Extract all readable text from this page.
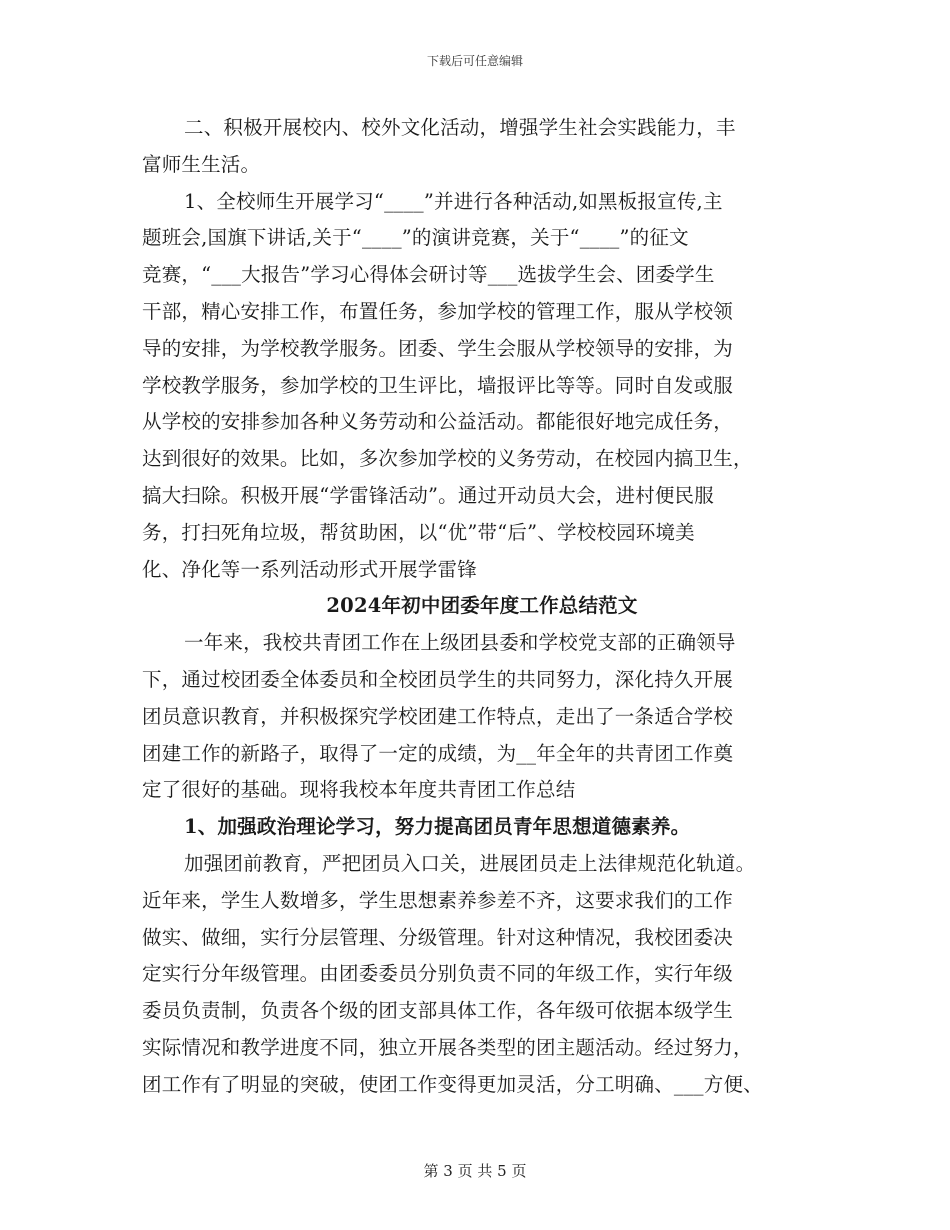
下载后可任意编辑
二、积极开展校内、校外文化活动，增强学生社会实践能力，丰
富师生生活。
1、全校师生开展学习“____”并进行各种活动,如黑板报宣传,主
题班会,国旗下讲话,关于“____”的演讲竞赛，关于“____”的征文
竞赛，“___大报告”学习心得体会研讨等___选拔学生会、团委学生
干部，精心安排工作，布置任务，参加学校的管理工作，服从学校领
导的安排，为学校教学服务。团委、学生会服从学校领导的安排，为
学校教学服务，参加学校的卫生评比，墙报评比等等。同时自发或服
从学校的安排参加各种义务劳动和公益活动。都能很好地完成任务，
达到很好的效果。比如，多次参加学校的义务劳动，在校园内搞卫生，
搞大扫除。积极开展“学雷锋活动”。通过开动员大会，进村便民服
务，打扫死角垃圾，帮贫助困，以“优”带“后”、学校校园环境美
化、净化等一系列活动形式开展学雷锋
2024年初中团委年度工作总结范文
一年来，我校共青团工作在上级团县委和学校党支部的正确领导
下，通过校团委全体委员和全校团员学生的共同努力，深化持久开展
团员意识教育，并积极探究学校团建工作特点，走出了一条适合学校
团建工作的新路子，取得了一定的成绩，为__年全年的共青团工作奠
定了很好的基础。现将我校本年度共青团工作总结
1、加强政治理论学习，努力提高团员青年思想道德素养。
加强团前教育，严把团员入口关，进展团员走上法律规范化轨道。
近年来，学生人数增多，学生思想素养参差不齐，这要求我们的工作
做实、做细，实行分层管理、分级管理。针对这种情况，我校团委决
定实行分年级管理。由团委委员分别负责不同的年级工作，实行年级
委员负责制，负责各个级的团支部具体工作，各年级可依据本级学生
实际情况和教学进度不同，独立开展各类型的团主题活动。经过努力，
团工作有了明显的突破，使团工作变得更加灵活，分工明确、___方便、
第 3 页 共 5 页
